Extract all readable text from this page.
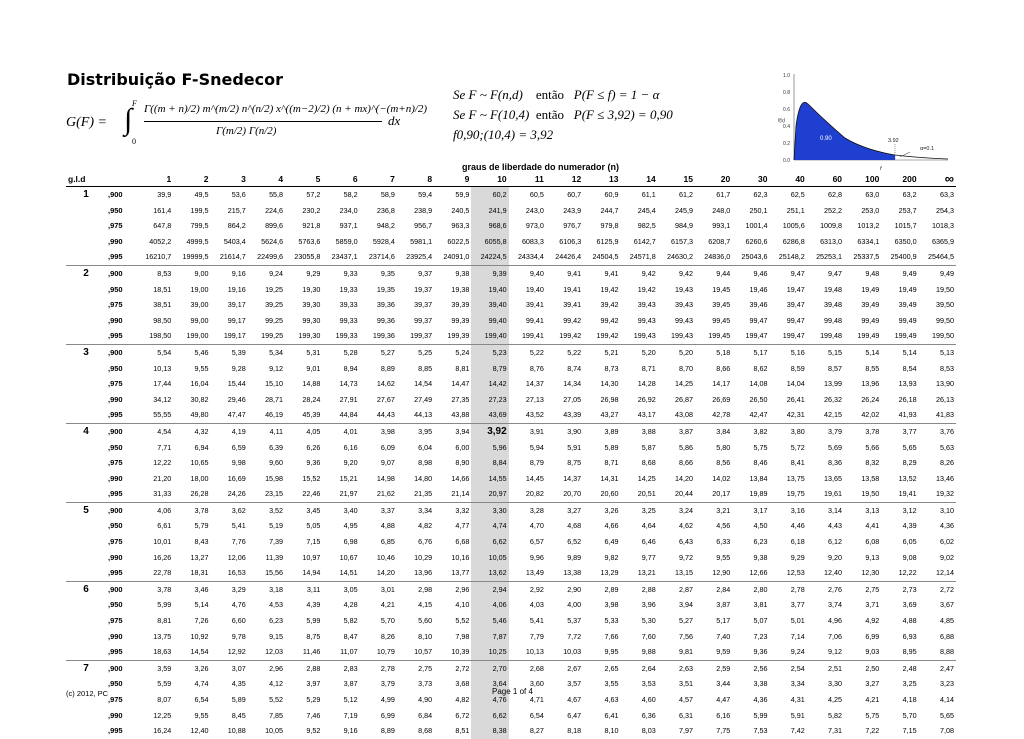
Distribuição F-Snedecor
G(F) = ∫ F
0
Γ((m + n)/2) m^(m/2) n^(n/2) x^((m−2)/2) (n + mx)^(−(m+n)/2)
Γ(m/2) Γ(n/2)
dx
Se F ~ F(n,d) então P(F ≤ f) = 1 − α
Se F ~ F(10,4) então P(F ≤ 3,92) = 0,90
f0,90;(10,4) = 3,92
1.0
0.8
0.6
0.4
0.2
0.0
f(x)
0.90	3.92
α=0.1
f
graus de liberdade do numerador (n)
g.l.d		1	2	3	4	5	6	7	8	9	10	11	12	13	14	15	20	30	40	60	100	200	∞
1	,900	39,9	49,5	53,6	55,8	57,2	58,2	58,9	59,4	59,9	60,2	60,5	60,7	60,9	61,1	61,2	61,7	62,3	62,5	62,8	63,0	63,2	63,3
	,950	161,4	199,5	215,7	224,6	230,2	234,0	236,8	238,9	240,5	241,9	243,0	243,9	244,7	245,4	245,9	248,0	250,1	251,1	252,2	253,0	253,7	254,3
	,975	647,8	799,5	864,2	899,6	921,8	937,1	948,2	956,7	963,3	968,6	973,0	976,7	979,8	982,5	984,9	993,1	1001,4	1005,6	1009,8	1013,2	1015,7	1018,3
	,990	4052,2	4999,5	5403,4	5624,6	5763,6	5859,0	5928,4	5981,1	6022,5	6055,8	6083,3	6106,3	6125,9	6142,7	6157,3	6208,7	6260,6	6286,8	6313,0	6334,1	6350,0	6365,9
	,995	16210,7	19999,5	21614,7	22499,6	23055,8	23437,1	23714,6	23925,4	24091,0	24224,5	24334,4	24426,4	24504,5	24571,8	24630,2	24836,0	25043,6	25148,2	25253,1	25337,5	25400,9	25464,5
2	,900	8,53	9,00	9,16	9,24	9,29	9,33	9,35	9,37	9,38	9,39	9,40	9,41	9,41	9,42	9,42	9,44	9,46	9,47	9,47	9,48	9,49	9,49
	,950	18,51	19,00	19,16	19,25	19,30	19,33	19,35	19,37	19,38	19,40	19,40	19,41	19,42	19,42	19,43	19,45	19,46	19,47	19,48	19,49	19,49	19,50
	,975	38,51	39,00	39,17	39,25	39,30	39,33	39,36	39,37	39,39	39,40	39,41	39,41	39,42	39,43	39,43	39,45	39,46	39,47	39,48	39,49	39,49	39,50
	,990	98,50	99,00	99,17	99,25	99,30	99,33	99,36	99,37	99,39	99,40	99,41	99,42	99,42	99,43	99,43	99,45	99,47	99,47	99,48	99,49	99,49	99,50
	,995	198,50	199,00	199,17	199,25	199,30	199,33	199,36	199,37	199,39	199,40	199,41	199,42	199,42	199,43	199,43	199,45	199,47	199,47	199,48	199,49	199,49	199,50
3	,900	5,54	5,46	5,39	5,34	5,31	5,28	5,27	5,25	5,24	5,23	5,22	5,22	5,21	5,20	5,20	5,18	5,17	5,16	5,15	5,14	5,14	5,13
	,950	10,13	9,55	9,28	9,12	9,01	8,94	8,89	8,85	8,81	8,79	8,76	8,74	8,73	8,71	8,70	8,66	8,62	8,59	8,57	8,55	8,54	8,53
	,975	17,44	16,04	15,44	15,10	14,88	14,73	14,62	14,54	14,47	14,42	14,37	14,34	14,30	14,28	14,25	14,17	14,08	14,04	13,99	13,96	13,93	13,90
	,990	34,12	30,82	29,46	28,71	28,24	27,91	27,67	27,49	27,35	27,23	27,13	27,05	26,98	26,92	26,87	26,69	26,50	26,41	26,32	26,24	26,18	26,13
	,995	55,55	49,80	47,47	46,19	45,39	44,84	44,43	44,13	43,88	43,69	43,52	43,39	43,27	43,17	43,08	42,78	42,47	42,31	42,15	42,02	41,93	41,83
4	,900	4,54	4,32	4,19	4,11	4,05	4,01	3,98	3,95	3,94	3,92	3,91	3,90	3,89	3,88	3,87	3,84	3,82	3,80	3,79	3,78	3,77	3,76
	,950	7,71	6,94	6,59	6,39	6,26	6,16	6,09	6,04	6,00	5,96	5,94	5,91	5,89	5,87	5,86	5,80	5,75	5,72	5,69	5,66	5,65	5,63
	,975	12,22	10,65	9,98	9,60	9,36	9,20	9,07	8,98	8,90	8,84	8,79	8,75	8,71	8,68	8,66	8,56	8,46	8,41	8,36	8,32	8,29	8,26
	,990	21,20	18,00	16,69	15,98	15,52	15,21	14,98	14,80	14,66	14,55	14,45	14,37	14,31	14,25	14,20	14,02	13,84	13,75	13,65	13,58	13,52	13,46
	,995	31,33	26,28	24,26	23,15	22,46	21,97	21,62	21,35	21,14	20,97	20,82	20,70	20,60	20,51	20,44	20,17	19,89	19,75	19,61	19,50	19,41	19,32
5	,900	4,06	3,78	3,62	3,52	3,45	3,40	3,37	3,34	3,32	3,30	3,28	3,27	3,26	3,25	3,24	3,21	3,17	3,16	3,14	3,13	3,12	3,10
	,950	6,61	5,79	5,41	5,19	5,05	4,95	4,88	4,82	4,77	4,74	4,70	4,68	4,66	4,64	4,62	4,56	4,50	4,46	4,43	4,41	4,39	4,36
	,975	10,01	8,43	7,76	7,39	7,15	6,98	6,85	6,76	6,68	6,62	6,57	6,52	6,49	6,46	6,43	6,33	6,23	6,18	6,12	6,08	6,05	6,02
	,990	16,26	13,27	12,06	11,39	10,97	10,67	10,46	10,29	10,16	10,05	9,96	9,89	9,82	9,77	9,72	9,55	9,38	9,29	9,20	9,13	9,08	9,02
	,995	22,78	18,31	16,53	15,56	14,94	14,51	14,20	13,96	13,77	13,62	13,49	13,38	13,29	13,21	13,15	12,90	12,66	12,53	12,40	12,30	12,22	12,14
6	,900	3,78	3,46	3,29	3,18	3,11	3,05	3,01	2,98	2,96	2,94	2,92	2,90	2,89	2,88	2,87	2,84	2,80	2,78	2,76	2,75	2,73	2,72
	,950	5,99	5,14	4,76	4,53	4,39	4,28	4,21	4,15	4,10	4,06	4,03	4,00	3,98	3,96	3,94	3,87	3,81	3,77	3,74	3,71	3,69	3,67
	,975	8,81	7,26	6,60	6,23	5,99	5,82	5,70	5,60	5,52	5,46	5,41	5,37	5,33	5,30	5,27	5,17	5,07	5,01	4,96	4,92	4,88	4,85
	,990	13,75	10,92	9,78	9,15	8,75	8,47	8,26	8,10	7,98	7,87	7,79	7,72	7,66	7,60	7,56	7,40	7,23	7,14	7,06	6,99	6,93	6,88
	,995	18,63	14,54	12,92	12,03	11,46	11,07	10,79	10,57	10,39	10,25	10,13	10,03	9,95	9,88	9,81	9,59	9,36	9,24	9,12	9,03	8,95	8,88
7	,900	3,59	3,26	3,07	2,96	2,88	2,83	2,78	2,75	2,72	2,70	2,68	2,67	2,65	2,64	2,63	2,59	2,56	2,54	2,51	2,50	2,48	2,47
	,950	5,59	4,74	4,35	4,12	3,97	3,87	3,79	3,73	3,68	3,64	3,60	3,57	3,55	3,53	3,51	3,44	3,38	3,34	3,30	3,27	3,25	3,23
	,975	8,07	6,54	5,89	5,52	5,29	5,12	4,99	4,90	4,82	4,76	4,71	4,67	4,63	4,60	4,57	4,47	4,36	4,31	4,25	4,21	4,18	4,14
	,990	12,25	9,55	8,45	7,85	7,46	7,19	6,99	6,84	6,72	6,62	6,54	6,47	6,41	6,36	6,31	6,16	5,99	5,91	5,82	5,75	5,70	5,65
	,995	16,24	12,40	10,88	10,05	9,52	9,16	8,89	8,68	8,51	8,38	8,27	8,18	8,10	8,03	7,97	7,75	7,53	7,42	7,31	7,22	7,15	7,08
(c) 2012, PC	Page 1 of 4
